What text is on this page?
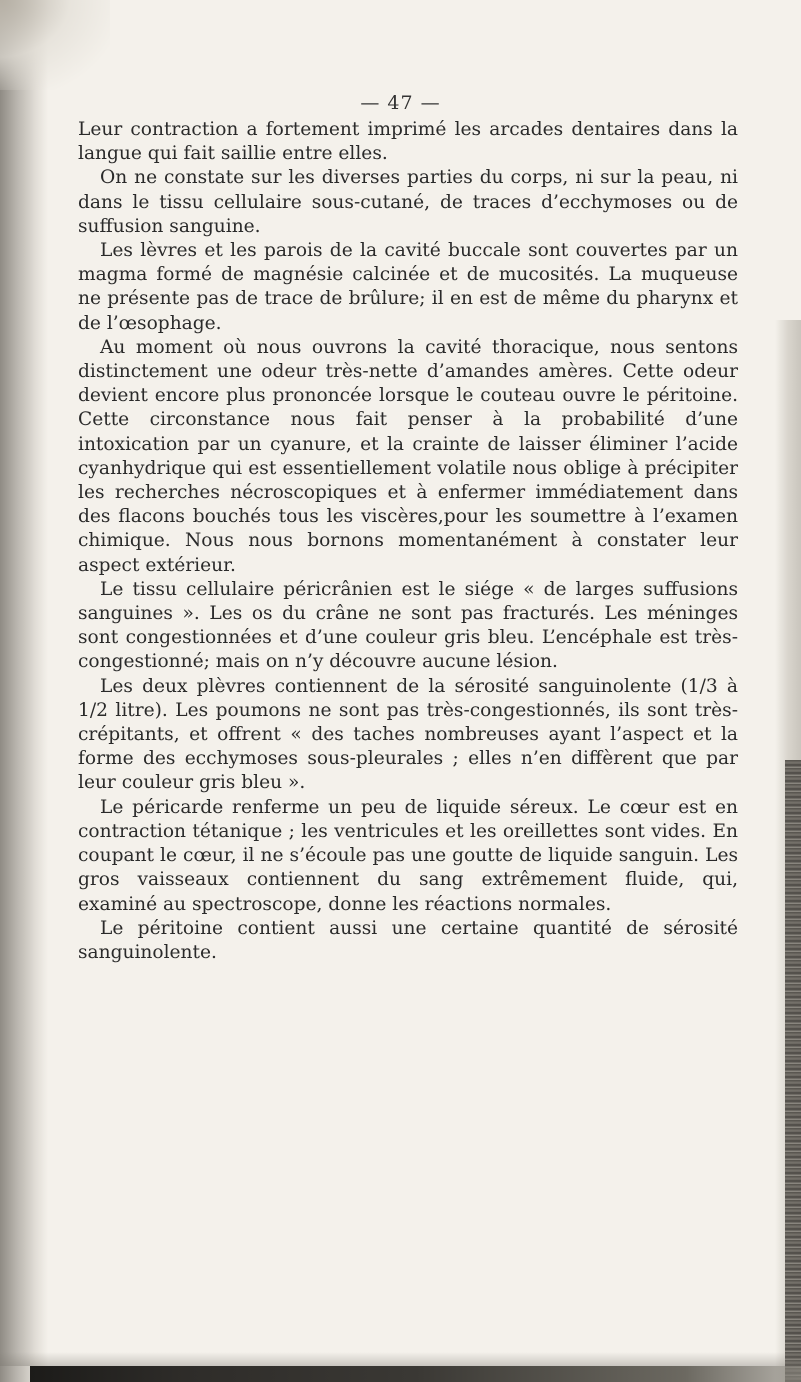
— 47 —

Leur contraction a fortement imprimé les arcades dentaires dans la langue qui fait saillie entre elles.

On ne constate sur les diverses parties du corps, ni sur la peau, ni dans le tissu cellulaire sous-cutané, de traces d’ecchymoses ou de suffusion sanguine.

Les lèvres et les parois de la cavité buccale sont couvertes par un magma formé de magnésie calcinée et de mucosités. La muqueuse ne présente pas de trace de brûlure; il en est de même du pharynx et de l’œsophage.

Au moment où nous ouvrons la cavité thoracique, nous sentons distinctement une odeur très-nette d’amandes amères. Cette odeur devient encore plus prononcée lorsque le couteau ouvre le péritoine. Cette circonstance nous fait penser à la probabilité d’une intoxication par un cyanure, et la crainte de laisser éliminer l’acide cyanhydrique qui est essentiellement volatile nous oblige à précipiter les recherches nécroscopiques et à enfermer immédiatement dans des flacons bouchés tous les viscères,pour les soumettre à l’examen chimique. Nous nous bornons momentanément à constater leur aspect extérieur.

Le tissu cellulaire péricrânien est le siége « de larges suffusions sanguines ». Les os du crâne ne sont pas fracturés. Les méninges sont congestionnées et d’une couleur gris bleu. L’encéphale est très-congestionné; mais on n’y découvre aucune lésion.

Les deux plèvres contiennent de la sérosité sanguinolente (1/3 à 1/2 litre). Les poumons ne sont pas très-congestionnés, ils sont très-crépitants, et offrent « des taches nombreuses ayant l’aspect et la forme des ecchymoses sous-pleurales ; elles n’en diffèrent que par leur couleur gris bleu ».

Le péricarde renferme un peu de liquide séreux. Le cœur est en contraction tétanique ; les ventricules et les oreillettes sont vides. En coupant le cœur, il ne s’écoule pas une goutte de liquide sanguin. Les gros vaisseaux contiennent du sang extrêmement fluide, qui, examiné au spectroscope, donne les réactions normales.

Le péritoine contient aussi une certaine quantité de sérosité sanguinolente.
